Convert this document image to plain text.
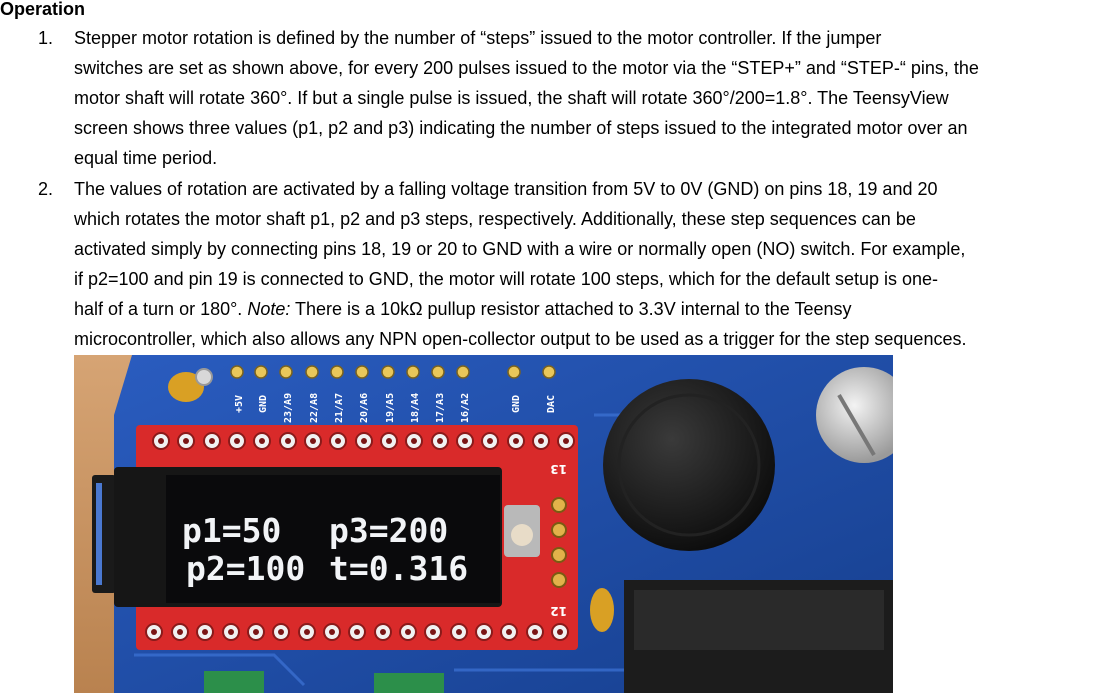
Operation
1. Stepper motor rotation is defined by the number of “steps” issued to the motor controller. If the jumper
switches are set as shown above, for every 200 pulses issued to the motor via the “STEP+” and “STEP-“ pins, the
motor shaft will rotate 360°. If but a single pulse is issued, the shaft will rotate 360°/200=1.8°. The TeensyView
screen shows three values (p1, p2 and p3) indicating the number of steps issued to the integrated motor over an
equal time period.
2. The values of rotation are activated by a falling voltage transition from 5V to 0V (GND) on pins 18, 19 and 20
which rotates the motor shaft p1, p2 and p3 steps, respectively. Additionally, these step sequences can be
activated simply by connecting pins 18, 19 or 20 to GND with a wire or normally open (NO) switch. For example,
if p2=100 and pin 19 is connected to GND, the motor will rotate 100 steps, which for the default setup is one-
half of a turn or 180°. Note: There is a 10kΩ pullup resistor attached to 3.3V internal to the Teensy
microcontroller, which also allows any NPN open-collector output to be used as a trigger for the step sequences.
+5V GND 23/A9 22/A8 21/A7 20/A6 19/A5 18/A4 17/A3 16/A2	GND DAC
13
12
p1=50 p3=200
p2=100 t=0.316
